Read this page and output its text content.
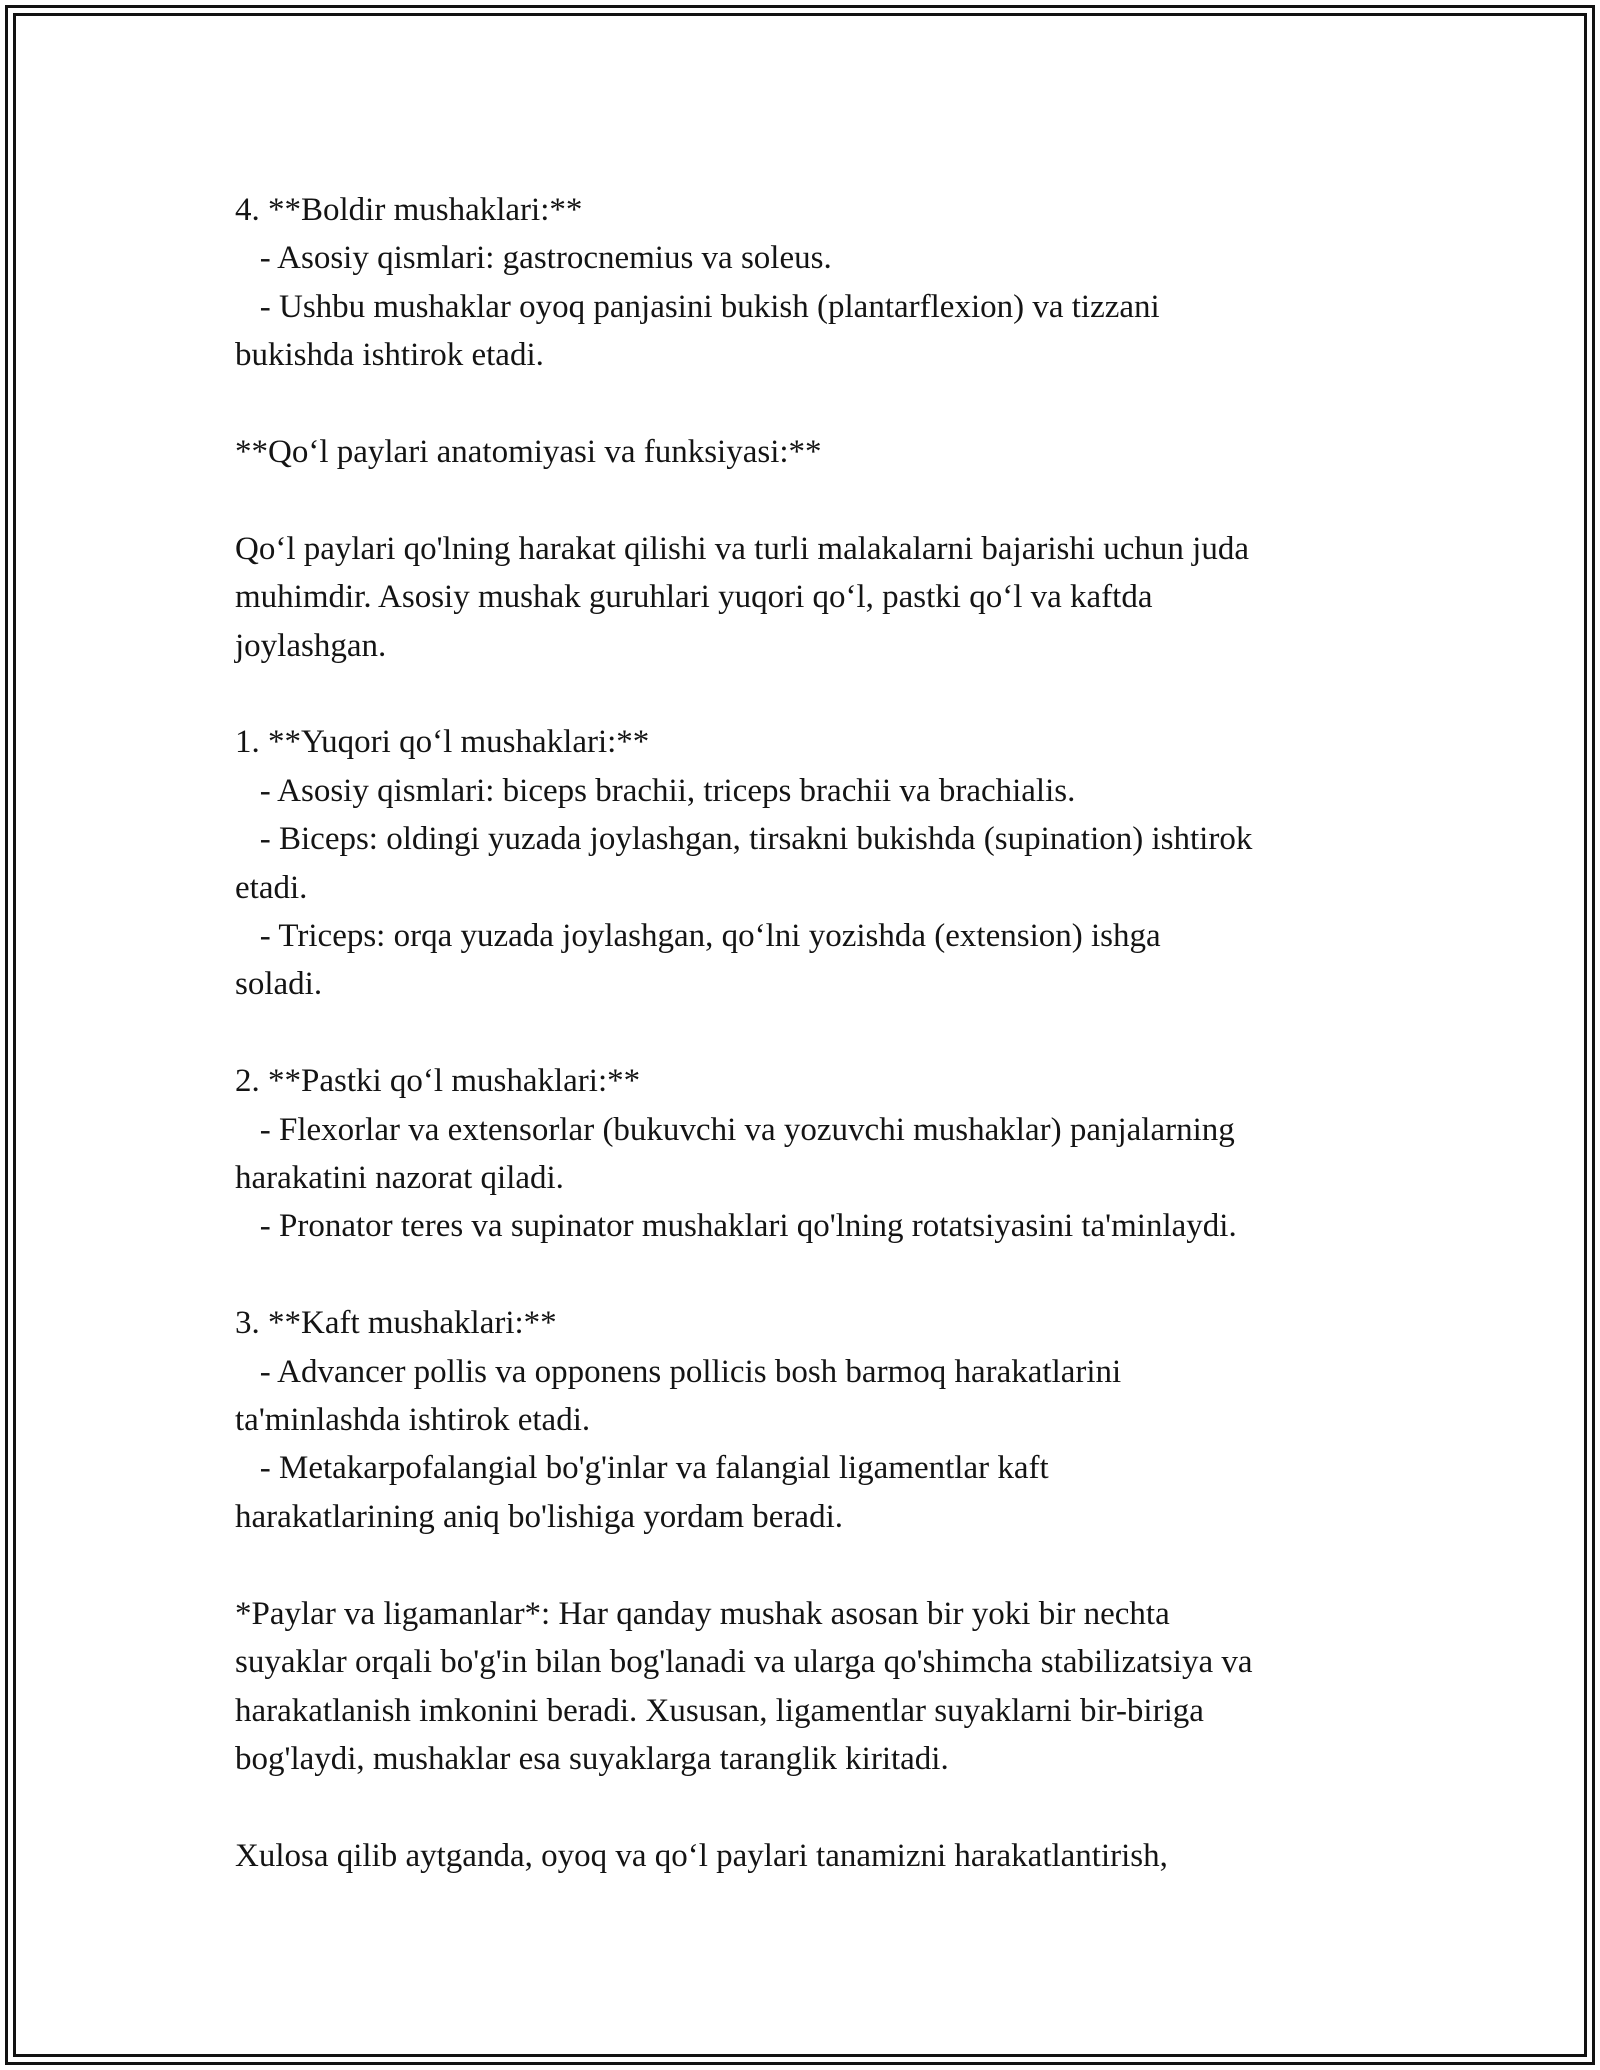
4. **Boldir mushaklari:**
- Asosiy qismlari: gastrocnemius va soleus.
- Ushbu mushaklar oyoq panjasini bukish (plantarflexion) va tizzani
bukishda ishtirok etadi.
**Qo‘l paylari anatomiyasi va funksiyasi:**
Qo‘l paylari qo'lning harakat qilishi va turli malakalarni bajarishi uchun juda
muhimdir. Asosiy mushak guruhlari yuqori qo‘l, pastki qo‘l va kaftda
joylashgan.
1. **Yuqori qo‘l mushaklari:**
- Asosiy qismlari: biceps brachii, triceps brachii va brachialis.
- Biceps: oldingi yuzada joylashgan, tirsakni bukishda (supination) ishtirok
etadi.
- Triceps: orqa yuzada joylashgan, qo‘lni yozishda (extension) ishga
soladi.
2. **Pastki qo‘l mushaklari:**
- Flexorlar va extensorlar (bukuvchi va yozuvchi mushaklar) panjalarning
harakatini nazorat qiladi.
- Pronator teres va supinator mushaklari qo'lning rotatsiyasini ta'minlaydi.
3. **Kaft mushaklari:**
- Advancer pollis va opponens pollicis bosh barmoq harakatlarini
ta'minlashda ishtirok etadi.
- Metakarpofalangial bo'g'inlar va falangial ligamentlar kaft
harakatlarining aniq bo'lishiga yordam beradi.
*Paylar va ligamanlar*: Har qanday mushak asosan bir yoki bir nechta
suyaklar orqali bo'g'in bilan bog'lanadi va ularga qo'shimcha stabilizatsiya va
harakatlanish imkonini beradi. Xususan, ligamentlar suyaklarni bir-biriga
bog'laydi, mushaklar esa suyaklarga taranglik kiritadi.
Xulosa qilib aytganda, oyoq va qo‘l paylari tanamizni harakatlantirish,
